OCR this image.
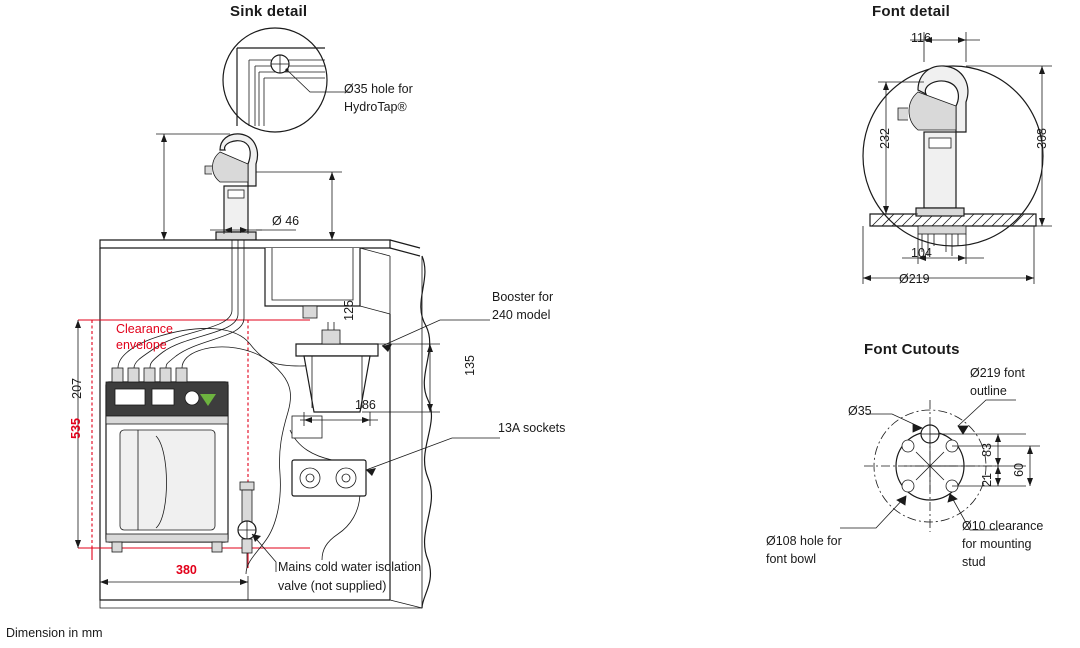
Sink detail
Ø35 hole for
HydroTap®
207
125
Ø 46
535
380
186
135
Clearance
envelope
Booster for
240 model
13A sockets
Mains cold water isolation
valve (not supplied)
Font detail
116
232	308
104
Ø219
Font Cutouts
Ø219 font
outline
Ø35
83
21
60
Ø108 hole for
font bowl
Ø10 clearance
for mounting
stud
Dimension in mm
